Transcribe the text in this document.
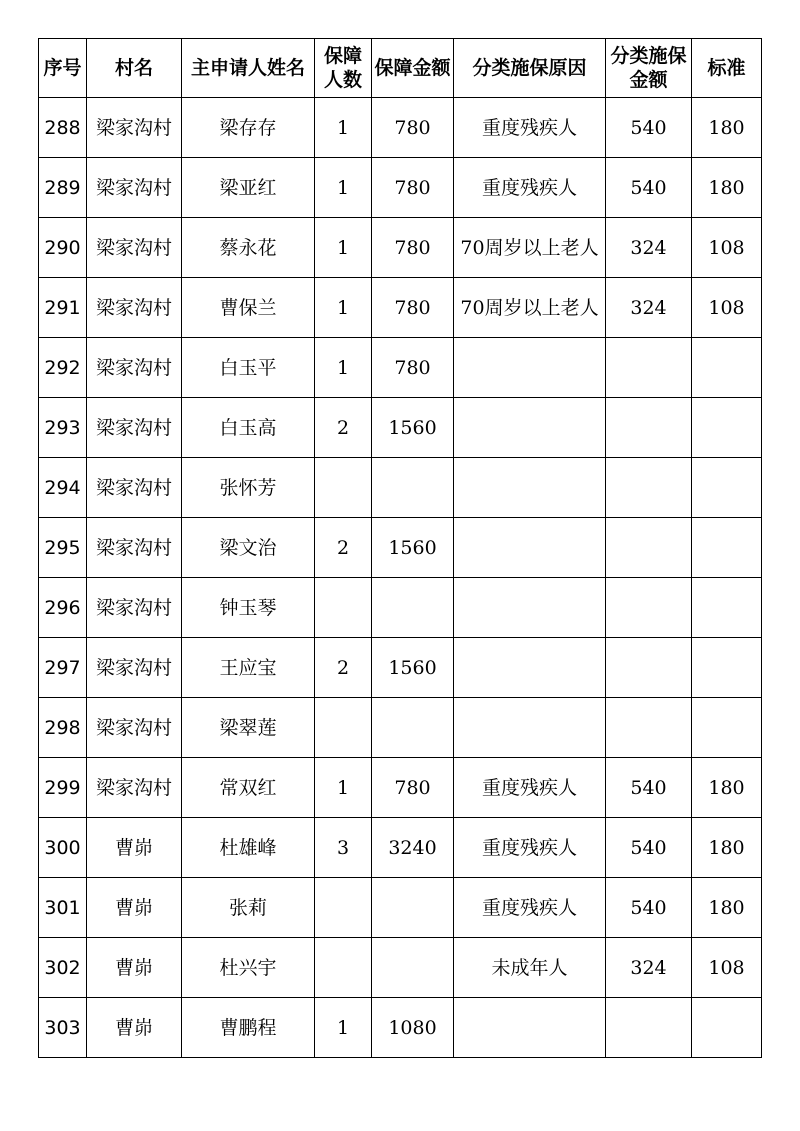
序号	村名	主申请人姓名	保障人数	保障金额	分类施保原因	分类施保金额	标准
288	梁家沟村	梁存存	1	780	重度残疾人	540	180
289	梁家沟村	梁亚红	1	780	重度残疾人	540	180
290	梁家沟村	蔡永花	1	780	70周岁以上老人	324	108
291	梁家沟村	曹保兰	1	780	70周岁以上老人	324	108
292	梁家沟村	白玉平	1	780			
293	梁家沟村	白玉高	2	1560			
294	梁家沟村	张怀芳					
295	梁家沟村	梁文治	2	1560			
296	梁家沟村	钟玉琴					
297	梁家沟村	王应宝	2	1560			
298	梁家沟村	梁翠莲					
299	梁家沟村	常双红	1	780	重度残疾人	540	180
300	曹峁	杜雄峰	3	3240	重度残疾人	540	180
301	曹峁	张莉			重度残疾人	540	180
302	曹峁	杜兴宇			未成年人	324	108
303	曹峁	曹鹏程	1	1080			
